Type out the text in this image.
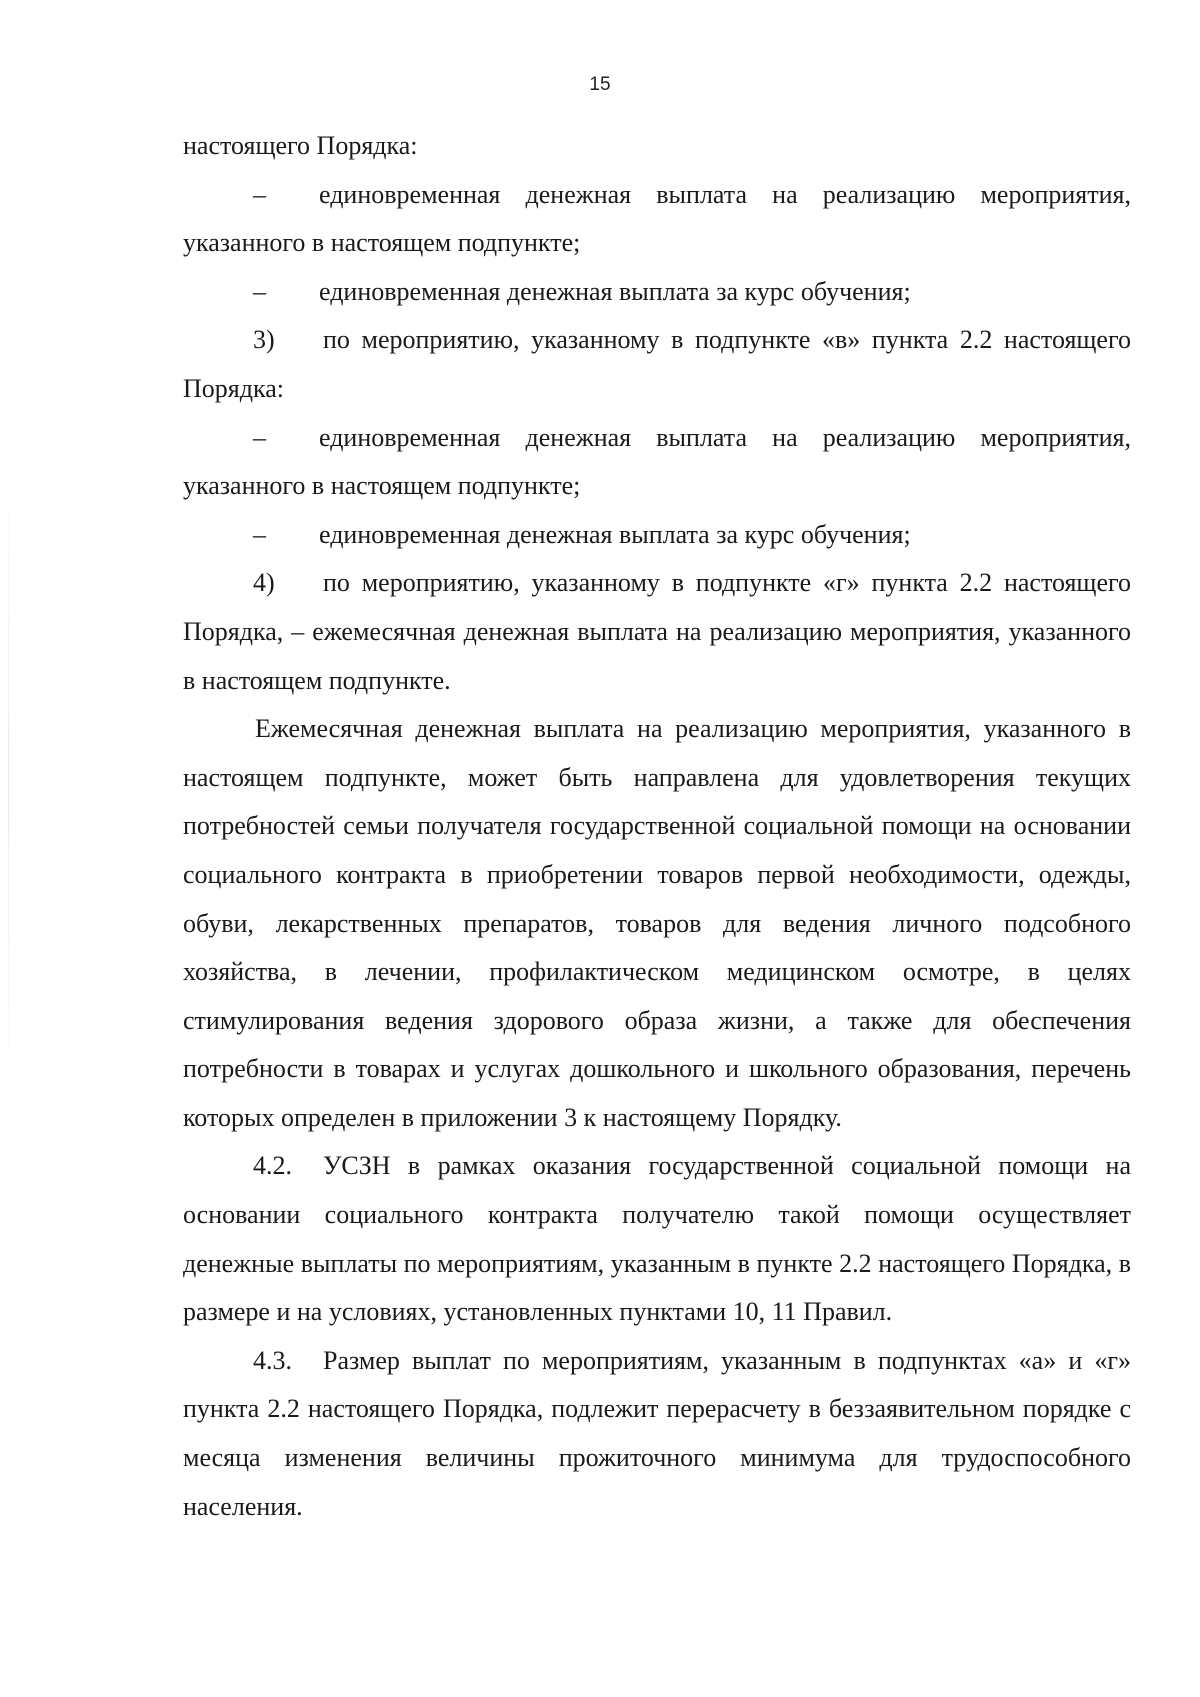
15

настоящего Порядка:

– единовременная денежная выплата на реализацию мероприятия, указанного в настоящем подпункте;

– единовременная денежная выплата за курс обучения;

3) по мероприятию, указанному в подпункте «в» пункта 2.2 настоящего Порядка:

– единовременная денежная выплата на реализацию мероприятия, указанного в настоящем подпункте;

– единовременная денежная выплата за курс обучения;

4) по мероприятию, указанному в подпункте «г» пункта 2.2 настоящего Порядка, – ежемесячная денежная выплата на реализацию мероприятия, указанного в настоящем подпункте.

Ежемесячная денежная выплата на реализацию мероприятия, указанного в настоящем подпункте, может быть направлена для удовлетворения текущих потребностей семьи получателя государственной социальной помощи на основании социального контракта в приобретении товаров первой необходимости, одежды, обуви, лекарственных препаратов, товаров для ведения личного подсобного хозяйства, в лечении, профилактическом медицинском осмотре, в целях стимулирования ведения здорового образа жизни, а также для обеспечения потребности в товарах и услугах дошкольного и школьного образования, перечень которых определен в приложении 3 к настоящему Порядку.

4.2. УСЗН в рамках оказания государственной социальной помощи на основании социального контракта получателю такой помощи осуществляет денежные выплаты по мероприятиям, указанным в пункте 2.2 настоящего Порядка, в размере и на условиях, установленных пунктами 10, 11 Правил.

4.3. Размер выплат по мероприятиям, указанным в подпунктах «а» и «г» пункта 2.2 настоящего Порядка, подлежит перерасчету в беззаявительном порядке с месяца изменения величины прожиточного минимума для трудоспособного населения.
